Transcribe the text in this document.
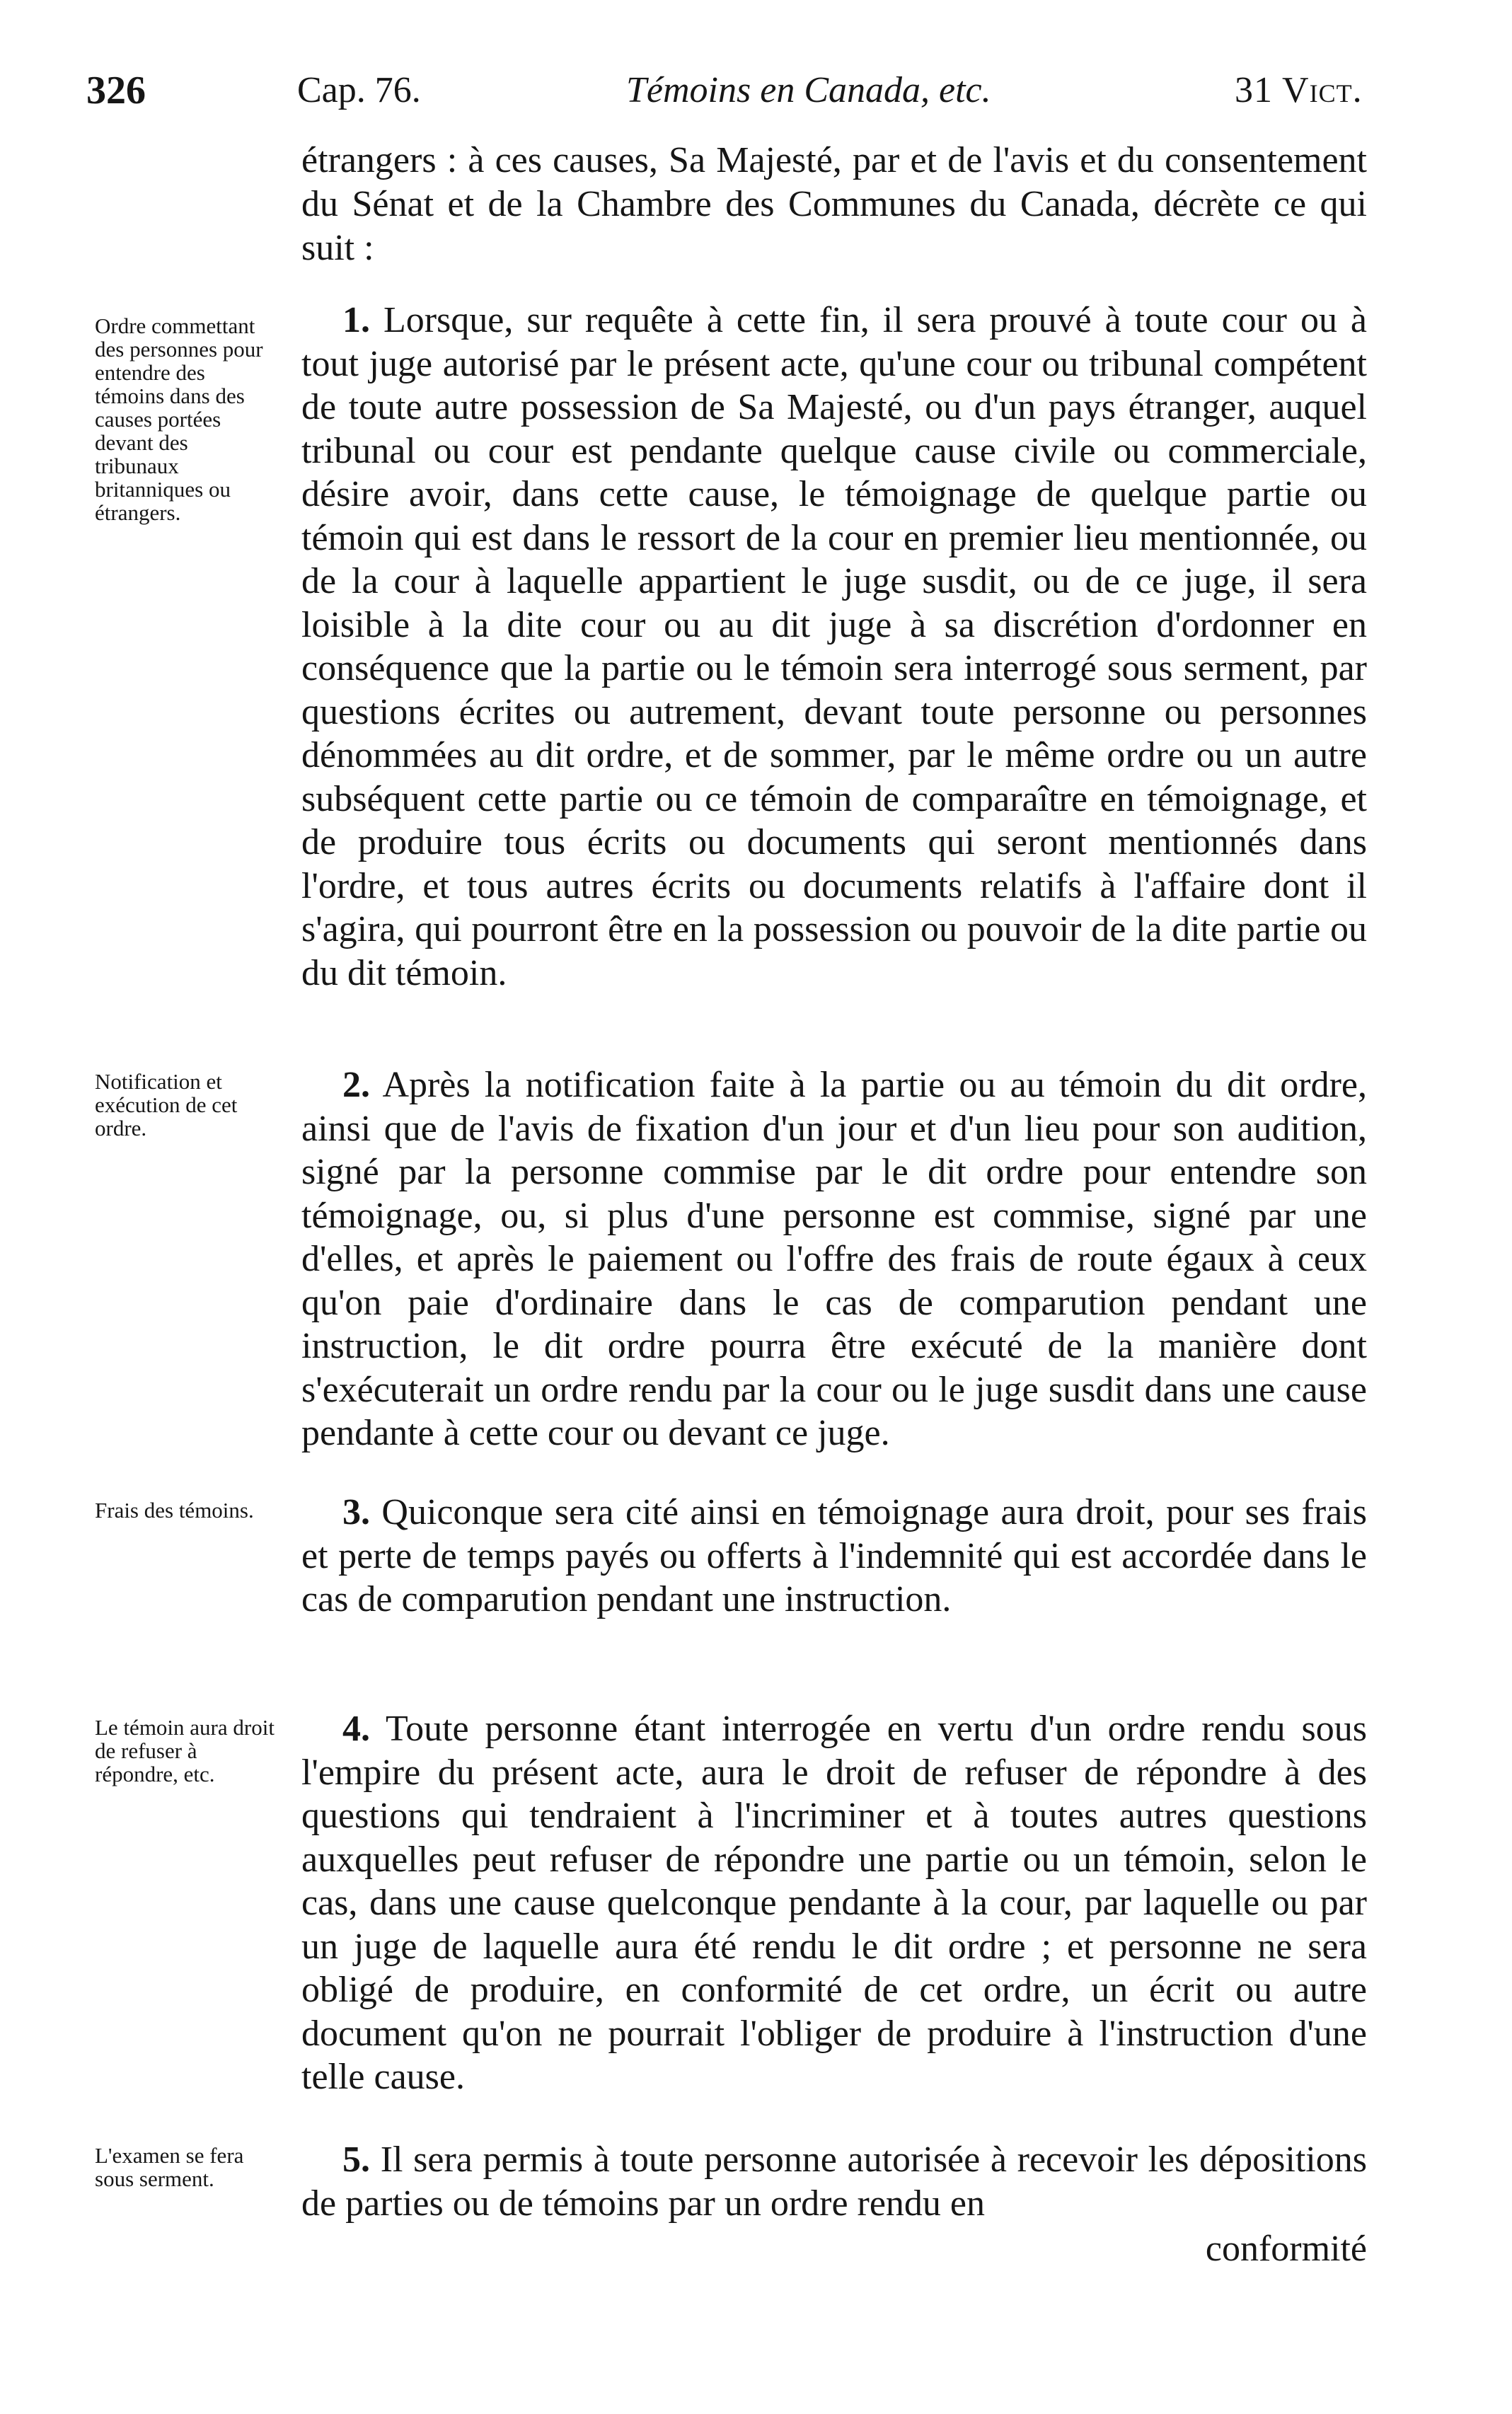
326	Cap. 76.	Témoins en Canada, etc.	31 Vict.

étrangers : à ces causes, Sa Majesté, par et de l'avis et du consentement du Sénat et de la Chambre des Communes du Canada, décrète ce qui suit :

Ordre commettant des personnes pour entendre des témoins dans des causes portées devant des tribunaux britanniques ou étrangers.

1. Lorsque, sur requête à cette fin, il sera prouvé à toute cour ou à tout juge autorisé par le présent acte, qu'une cour ou tribunal compétent de toute autre possession de Sa Majesté, ou d'un pays étranger, auquel tribunal ou cour est pendante quelque cause civile ou commerciale, désire avoir, dans cette cause, le témoignage de quelque partie ou témoin qui est dans le ressort de la cour en premier lieu mentionnée, ou de la cour à laquelle appartient le juge susdit, ou de ce juge, il sera loisible à la dite cour ou au dit juge à sa discrétion d'ordonner en conséquence que la partie ou le témoin sera interrogé sous serment, par questions écrites ou autrement, devant toute personne ou personnes dénommées au dit ordre, et de sommer, par le même ordre ou un autre subséquent cette partie ou ce témoin de comparaître en témoignage, et de produire tous écrits ou documents qui seront mentionnés dans l'ordre, et tous autres écrits ou documents relatifs à l'affaire dont il s'agira, qui pourront être en la possession ou pouvoir de la dite partie ou du dit témoin.

Notification et exécution de cet ordre.

2. Après la notification faite à la partie ou au témoin du dit ordre, ainsi que de l'avis de fixation d'un jour et d'un lieu pour son audition, signé par la personne commise par le dit ordre pour entendre son témoignage, ou, si plus d'une personne est commise, signé par une d'elles, et après le paiement ou l'offre des frais de route égaux à ceux qu'on paie d'ordinaire dans le cas de comparution pendant une instruction, le dit ordre pourra être exécuté de la manière dont s'exécuterait un ordre rendu par la cour ou le juge susdit dans une cause pendante à cette cour ou devant ce juge.

Frais des témoins.	3. Quiconque sera cité ainsi en témoignage aura droit, pour ses frais et perte de temps payés ou offerts à l'indemnité qui est accordée dans le cas de comparution pendant une instruction.

Le témoin aura droit de refuser à répondre, etc.

4. Toute personne étant interrogée en vertu d'un ordre rendu sous l'empire du présent acte, aura le droit de refuser de répondre à des questions qui tendraient à l'incriminer et à toutes autres questions auxquelles peut refuser de répondre une partie ou un témoin, selon le cas, dans une cause quelconque pendante à la cour, par laquelle ou par un juge de laquelle aura été rendu le dit ordre ; et personne ne sera obligé de produire, en conformité de cet ordre, un écrit ou autre document qu'on ne pourrait l'obliger de produire à l'instruction d'une telle cause.

L'examen se fera sous serment.	5. Il sera permis à toute personne autorisée à recevoir les dépositions de parties ou de témoins par un ordre rendu en

conformité
